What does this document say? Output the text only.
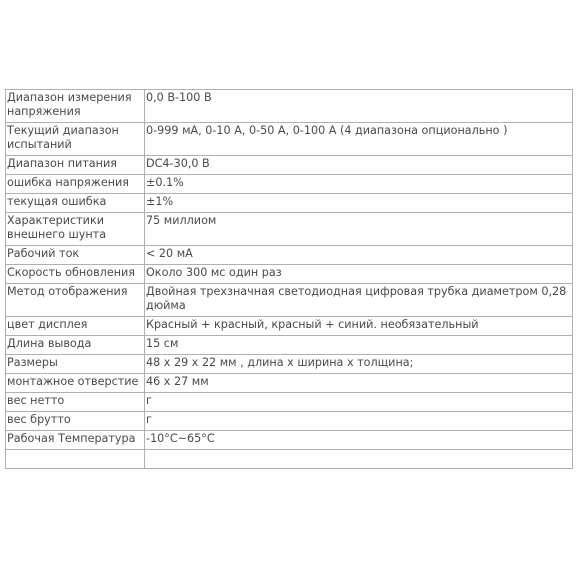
Диапазон измерения напряжения	0,0 В-100 В
Текущий диапазон испытаний	0-999 мА, 0-10 А, 0-50 А, 0-100 А (4 диапазона опционально )
Диапазон питания	DC4-30,0 В
ошибка напряжения	±0.1%
текущая ошибка	±1%
Характеристики внешнего шунта	75 миллиом
Рабочий ток	< 20 мА
Скорость обновления	Около 300 мс один раз
Метод отображения	Двойная трехзначная светодиодная цифровая трубка диаметром 0,28 дюйма
цвет дисплея	Красный + красный, красный + синий. необязательный
Длина вывода	15 см
Размеры	48 x 29 x 22 мм , длина x ширина x толщина;
монтажное отверстие	46 x 27 мм
вес нетто	г
вес брутто	г
Рабочая Температура	-10°C~65°C
